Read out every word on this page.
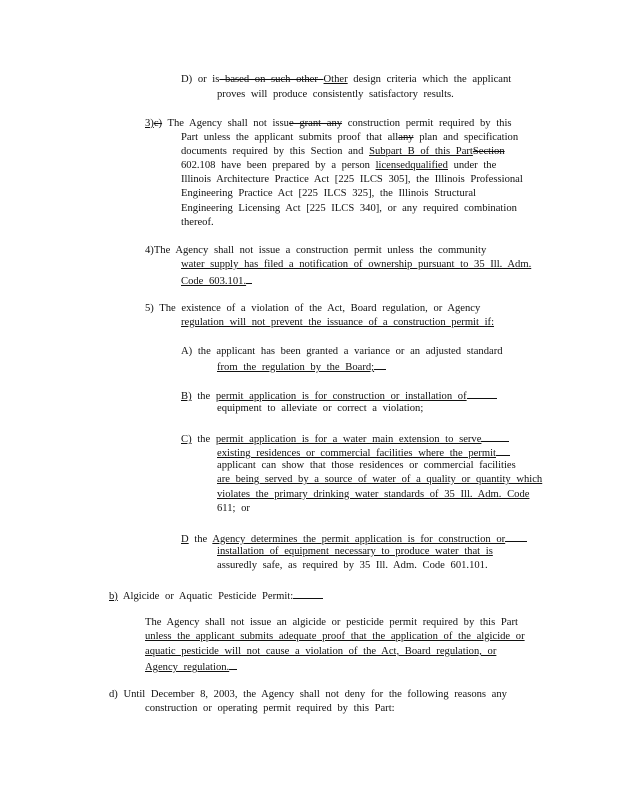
D) or is based on such other Other design criteria which the applicant
proves will produce consistently satisfactory results.
3)c) The Agency shall not issue grant any construction permit required by this
Part unless the applicant submits proof that allany plan and specification
documents required by this Section and Subpart B of this PartSection
602.108 have been prepared by a person licensedqualified under the
Illinois Architecture Practice Act [225 ILCS 305], the Illinois Professional
Engineering Practice Act [225 ILCS 325], the Illinois Structural
Engineering Licensing Act [225 ILCS 340], or any required combination
thereof.
4)The Agency shall not issue a construction permit unless the community
water supply has filed a notification of ownership pursuant to 35 Ill. Adm.
Code 603.101.
5) The existence of a violation of the Act, Board regulation, or Agency
regulation will not prevent the issuance of a construction permit if:
A) the applicant has been granted a variance or an adjusted standard
from the regulation by the Board;
B) the permit application is for construction or installation of
equipment to alleviate or correct a violation;
C) the permit application is for a water main extension to serve
existing residences or commercial facilities where the permit
applicant can show that those residences or commercial facilities
are being served by a source of water of a quality or quantity which
violates the primary drinking water standards of 35 Ill. Adm. Code
611; or
D the Agency determines the permit application is for construction or
installation of equipment necessary to produce water that is
assuredly safe, as required by 35 Ill. Adm. Code 601.101.
b) Algicide or Aquatic Pesticide Permit:
The Agency shall not issue an algicide or pesticide permit required by this Part
unless the applicant submits adequate proof that the application of the algicide or
aquatic pesticide will not cause a violation of the Act, Board regulation, or
Agency regulation.
d) Until December 8, 2003, the Agency shall not deny for the following reasons any
construction or operating permit required by this Part:
